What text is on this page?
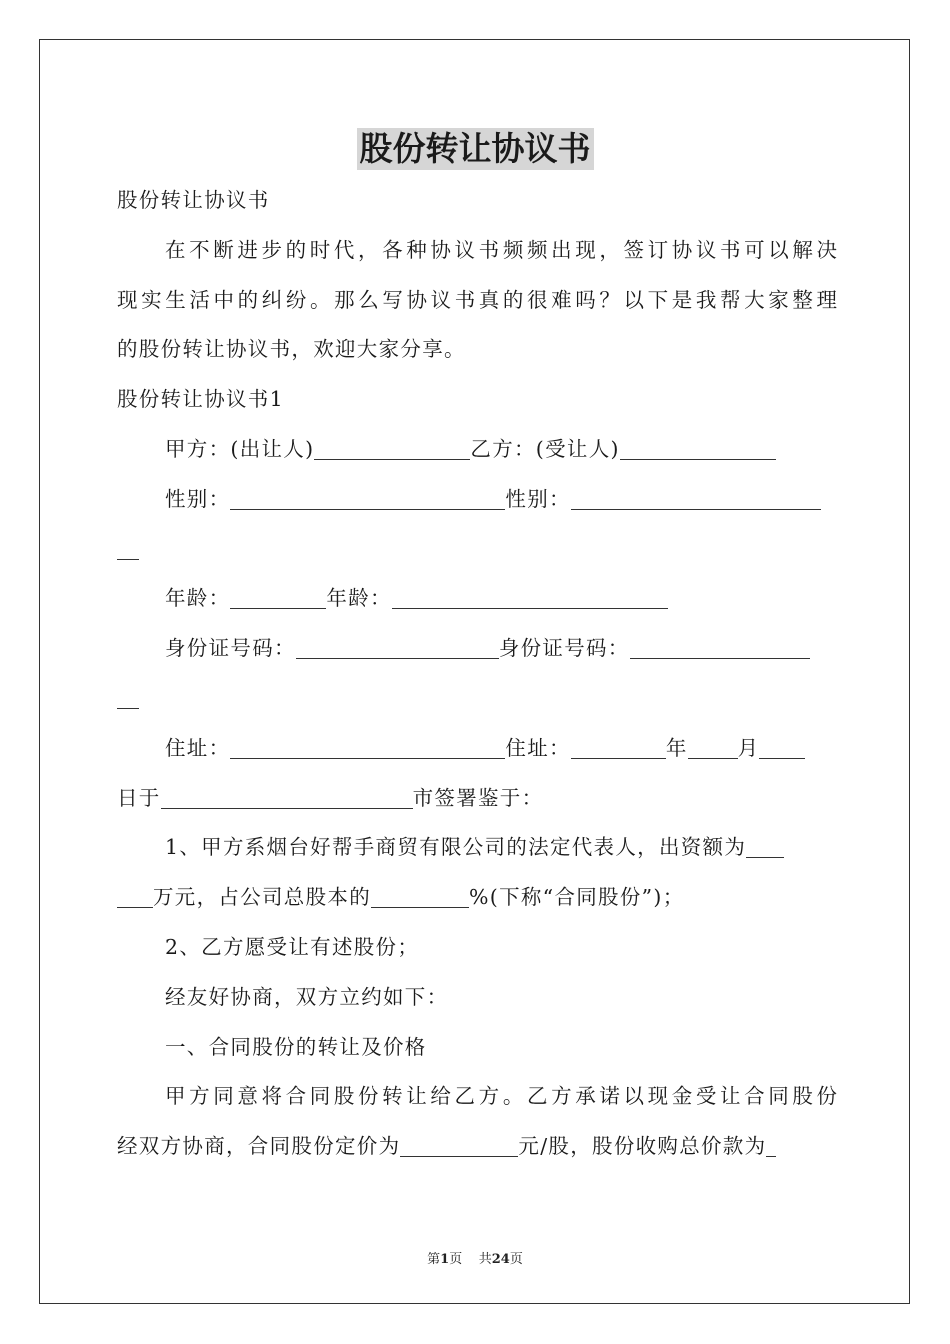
股份转让协议书
股份转让协议书
在不断进步的时代，各种协议书频频出现，签订协议书可以解决
现实生活中的纠纷。那么写协议书真的很难吗？以下是我帮大家整理
的股份转让协议书，欢迎大家分享。
股份转让协议书1
甲方：(出让人)	乙方：(受让人)
性别：	性别：
年龄：	年龄：
身份证号码：	身份证号码：
住址：	住址：	年 月
日于	市签署鉴于：
1、甲方系烟台好帮手商贸有限公司的法定代表人，出资额为
万元，占公司总股本的	%(下称“合同股份”)；
2、乙方愿受让有述股份；
经友好协商，双方立约如下：
一、合同股份的转让及价格
甲方同意将合同股份转让给乙方。乙方承诺以现金受让合同股份
经双方协商，合同股份定价为	元/股，股份收购总价款为
第1页 共24页
